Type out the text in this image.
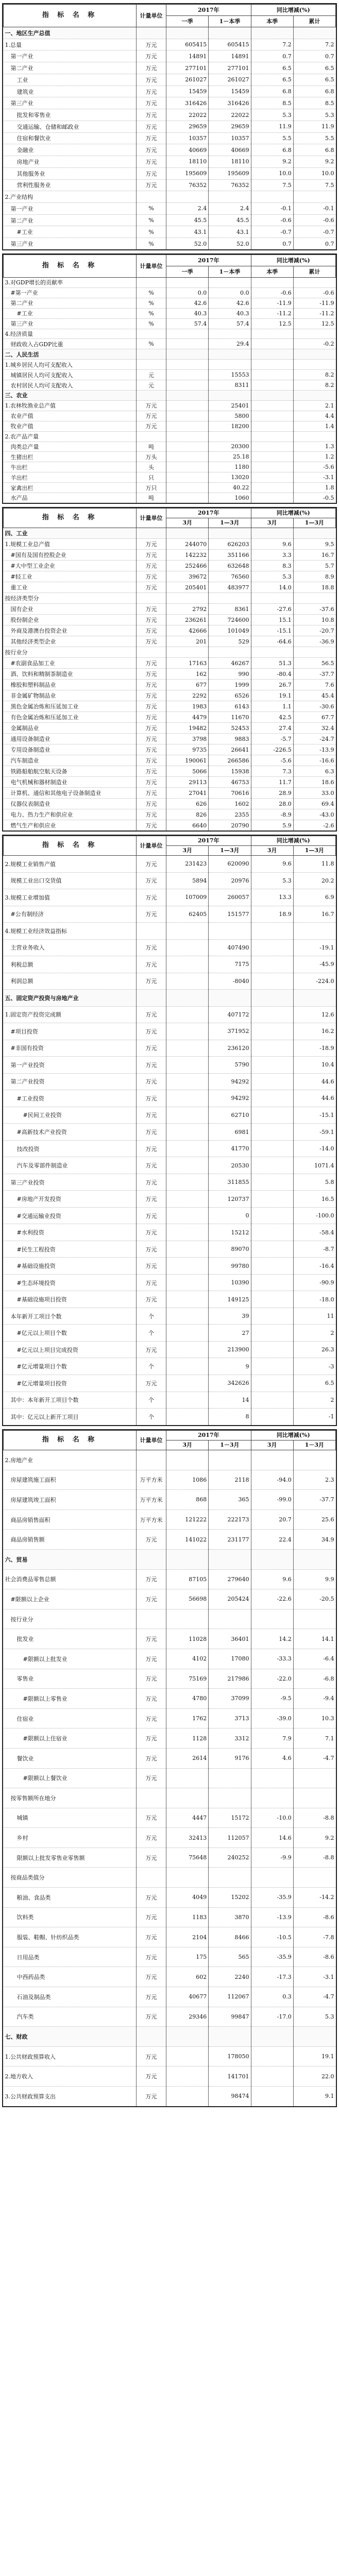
指 标 名 称	计量单位	2017年		同比增减(%)	
		一季	1－本季	本季	累计
一、地区生产总值					
1.总量	万元	605415	605415	7.2	7.2
第一产业	万元	14891	14891	0.7	0.7
第二产业	万元	277101	277101	6.5	6.5
工业	万元	261027	261027	6.5	6.5
建筑业	万元	15459	15459	6.8	6.8
第三产业	万元	316426	316426	8.5	8.5
批发和零售业	万元	22022	22022	5.3	5.3
交通运输、仓储和邮政业	万元	29659	29659	11.9	11.9
住宿和餐饮业	万元	10357	10357	5.5	5.5
金融业	万元	40669	40669	6.8	6.8
房地产业	万元	18110	18110	9.2	9.2
其他服务业	万元	195609	195609	10.0	10.0
营利性服务业	万元	76352	76352	7.5	7.5
2.产业结构					
第一产业	%	2.4	2.4	-0.1	-0.1
第二产业	%	45.5	45.5	-0.6	-0.6
#工业	%	43.1	43.1	-0.7	-0.7
第三产业	%	52.0	52.0	0.7	0.7
指 标 名 称	计量单位	2017年		同比增减(%)	
		一季	1－本季	本季	累计
3.对GDP增长的贡献率					
#第一产业	%	0.0	0.0	-0.6	-0.6
第二产业	%	42.6	42.6	-11.9	-11.9
#工业	%	40.3	40.3	-11.2	-11.2
第三产业	%	57.4	57.4	12.5	12.5
4.经济质量					
财政收入占GDP比重	%		29.4		-0.2
二、人民生活					
1.城乡居民人均可支配收入					
城镇居民人均可支配收入	元		15553		8.2
农村居民人均可支配收入	元		8311		8.2
三、农业					
1.农林牧渔业总产值	万元		25401		2.1
农业产值	万元		5800		4.4
牧业产值	万元		18200		1.4
2.农产品产量					
肉类总产量	吨		20300		1.3
生猪出栏	万头		25.18		1.2
牛出栏	头		1180		-5.6
羊出栏	只		13020		-3.1
家禽出栏	万只		40.22		1.8
水产品	吨		1060		-0.5
指 标 名 称	计量单位	2017年		同比增减(%)	
		3月	1—3月	3月	1—3月
四、工业					
1.规模工业总产值	万元	244070	626203	9.6	9.5
#国有及国有控股企业	万元	142232	351166	3.3	16.7
#大中型工业企业	万元	252466	632648	8.3	5.7
#轻工业	万元	39672	76560	5.3	8.9
重工业	万元	205401	483977	14.0	18.8
按经济类型分					
国有企业	万元	2792	8361	-27.6	-37.6
股份制企业	万元	236261	724600	15.1	10.8
外商及港澳台投资企业	万元	42666	101049	-15.1	-20.7
其他经济类型企业	万元	201	529	-64.6	-36.9
按行业分					
#农副食品加工业	万元	17163	46267	51.3	56.5
酒、饮料和精制茶制造业	万元	162	990	-80.4	-37.7
橡胶和塑料制品业	万元	677	1999	26.7	7.6
非金属矿物制品业	万元	2292	6526	19.1	45.4
黑色金属冶炼和压延加工业	万元	1983	6143	1.1	-30.6
有色金属冶炼和压延加工业	万元	4479	11670	42.5	67.7
金属制品业	万元	19482	52453	27.4	32.4
通用设备制造业	万元	3798	9883	-5.7	-24.7
专用设备制造业	万元	9735	26641	-226.5	-13.9
汽车制造业	万元	190061	266586	-5.6	-16.6
铁路船舶航空航天设备	万元	5066	15938	7.3	6.3
电气机械和器材制造业	万元	29113	46753	11.7	18.6
计算机、通信和其他电子设备制造业	万元	27041	70616	28.9	33.0
仪器仪表制造业	万元	626	1602	28.0	69.4
电力、热力生产和供应业	万元	826	2355	-8.9	-43.0
燃气生产和供应业	万元	6640	20790	5.9	-2.6
指 标 名 称	计量单位	2017年		同比增减(%)	
		3月	1—3月	3月	1—3月
2.规模工业销售产值	万元	231423	620090	9.6	11.8
规模工业出口交货值	万元	5894	20976	5.3	20.2
3.规模工业增加值	万元	107009	260057	13.3	6.9
#公有制经济	万元	62405	151577	18.9	16.7
4.规模工业经济效益指标					
主营业务收入	万元		407490		-19.1
利税总额	万元		7175		-45.9
利润总额	万元		-8040		-224.0
五、固定资产投资与房地产业					
1.固定资产投资完成额	万元		407172		12.6
#项目投资	万元		371952		16.2
#非国有投资	万元		236120		-18.9
第一产业投资	万元		5790		10.4
第二产业投资	万元		94292		44.6
#工业投资	万元		94292		44.6
#民间工业投资	万元		62710		-15.1
#高新技术产业投资	万元		6981		-59.1
技改投资	万元		41770		-14.0
汽车及零部件制造业	万元		20530		1071.4
第三产业投资	万元		311855		5.8
#房地产开发投资	万元		120737		16.5
#交通运输业投资	万元		0		-100.0
#水利投资	万元		15212		-58.4
#民生工程投资	万元		89070		-8.7
#基础设施投资	万元		99780		-16.4
#生态环境投资	万元		10390		-90.9
#基础设施项目投资	万元		149125		-18.0
本年新开工项目个数	个		39		11
#亿元以上项目个数	个		27		2
#亿元以上项目完成投资	万元		213900		26.3
#亿元增量项目个数	个		9		-3
#亿元增量项目投资	万元		342626		6.5
其中：本年新开工项目个数	个		14		2
其中：亿元以上新开工项目	个		8		-1
指 标 名 称	计量单位	2017年		同比增减(%)	
		3月	1－3月	3月	1－3月
2.房地产业					
房屋建筑施工面积	万平方米	1086	2118	-94.0	2.3
房屋建筑竣工面积	万平方米	868	365	-99.0	-37.7
商品房销售面积	万平方米	121222	222173	20.7	25.6
商品房销售额	万元	141022	231177	22.4	34.9
六、贸易					
社会消费品零售总额	万元	87105	279640	9.6	9.9
#限额以上企业	万元	56698	205424	-22.6	-20.5
按行业分					
批发业	万元	11028	36401	14.2	14.1
#限额以上批发业	万元	4102	17080	-33.3	-6.4
零售业	万元	75169	217986	-22.0	-6.8
#限额以上零售业	万元	4780	37099	-9.5	-9.4
住宿业	万元	1762	3713	-39.0	10.3
#限额以上住宿业	万元	1128	3312	7.9	7.1
餐饮业	万元	2614	9176	4.6	-4.7
#限额以上餐饮业	万元				
按零售额所在地分					
城镇	万元	4447	15172	-10.0	-8.8
乡村	万元	32413	112057	14.6	9.2
限额以上批发零售业零售额	万元	75648	240252	-9.9	-8.8
按商品类值分					
粮油、食品类	万元	4049	15202	-35.9	-14.2
饮料类	万元	1183	3870	-13.9	-8.6
服装、鞋帽、针纺织品类	万元	2104	8466	-10.5	-7.8
日用品类	万元	175	565	-35.9	-8.6
中西药品类	万元	602	2240	-17.3	-3.1
石油及制品类	万元	40677	112067	0.3	-4.7
汽车类	万元	29346	99847	-17.0	5.3
七、财政					
1.公共财政预算收入	万元		178050		19.1
2.地方收入	万元		141701		22.0
3.公共财政预算支出	万元		98474		9.1
